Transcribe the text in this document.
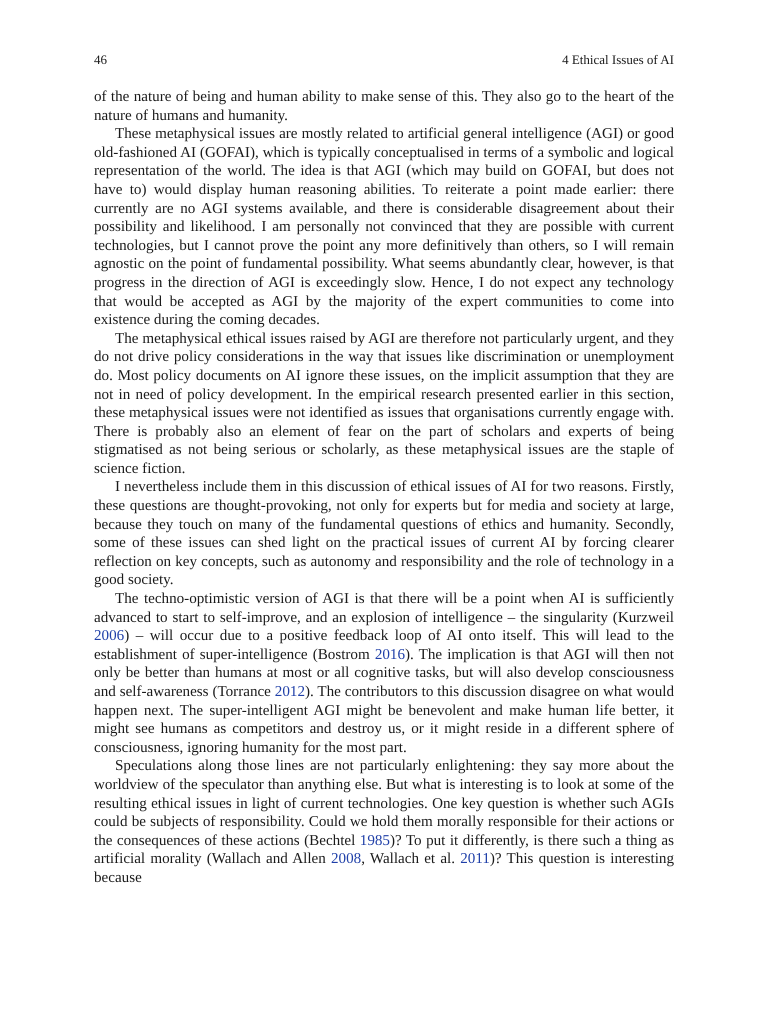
46	4 Ethical Issues of AI

of the nature of being and human ability to make sense of this. They also go to the heart of the nature of humans and humanity.

These metaphysical issues are mostly related to artificial general intelligence (AGI) or good old-fashioned AI (GOFAI), which is typically conceptualised in terms of a symbolic and logical representation of the world. The idea is that AGI (which may build on GOFAI, but does not have to) would display human reasoning abilities. To reiterate a point made earlier: there currently are no AGI systems available, and there is considerable disagreement about their possibility and likelihood. I am personally not convinced that they are possible with current technologies, but I cannot prove the point any more definitively than others, so I will remain agnostic on the point of fundamental possibility. What seems abundantly clear, however, is that progress in the direction of AGI is exceedingly slow. Hence, I do not expect any technology that would be accepted as AGI by the majority of the expert communities to come into existence during the coming decades.

The metaphysical ethical issues raised by AGI are therefore not particularly urgent, and they do not drive policy considerations in the way that issues like discrimination or unemployment do. Most policy documents on AI ignore these issues, on the implicit assumption that they are not in need of policy development. In the empirical research presented earlier in this section, these metaphysical issues were not identified as issues that organisations currently engage with. There is probably also an element of fear on the part of scholars and experts of being stigmatised as not being serious or scholarly, as these metaphysical issues are the staple of science fiction.

I nevertheless include them in this discussion of ethical issues of AI for two reasons. Firstly, these questions are thought-provoking, not only for experts but for media and society at large, because they touch on many of the fundamental questions of ethics and humanity. Secondly, some of these issues can shed light on the practical issues of current AI by forcing clearer reflection on key concepts, such as autonomy and responsibility and the role of technology in a good society.

The techno-optimistic version of AGI is that there will be a point when AI is sufficiently advanced to start to self-improve, and an explosion of intelligence – the singularity (Kurzweil 2006) – will occur due to a positive feedback loop of AI onto itself. This will lead to the establishment of super-intelligence (Bostrom 2016). The implication is that AGI will then not only be better than humans at most or all cognitive tasks, but will also develop consciousness and self-awareness (Torrance 2012). The contributors to this discussion disagree on what would happen next. The super-intelligent AGI might be benevolent and make human life better, it might see humans as competitors and destroy us, or it might reside in a different sphere of consciousness, ignoring humanity for the most part.

Speculations along those lines are not particularly enlightening: they say more about the worldview of the speculator than anything else. But what is interesting is to look at some of the resulting ethical issues in light of current technologies. One key question is whether such AGIs could be subjects of responsibility. Could we hold them morally responsible for their actions or the consequences of these actions (Bechtel 1985)? To put it differently, is there such a thing as artificial morality (Wallach and Allen 2008, Wallach et al. 2011)? This question is interesting because
